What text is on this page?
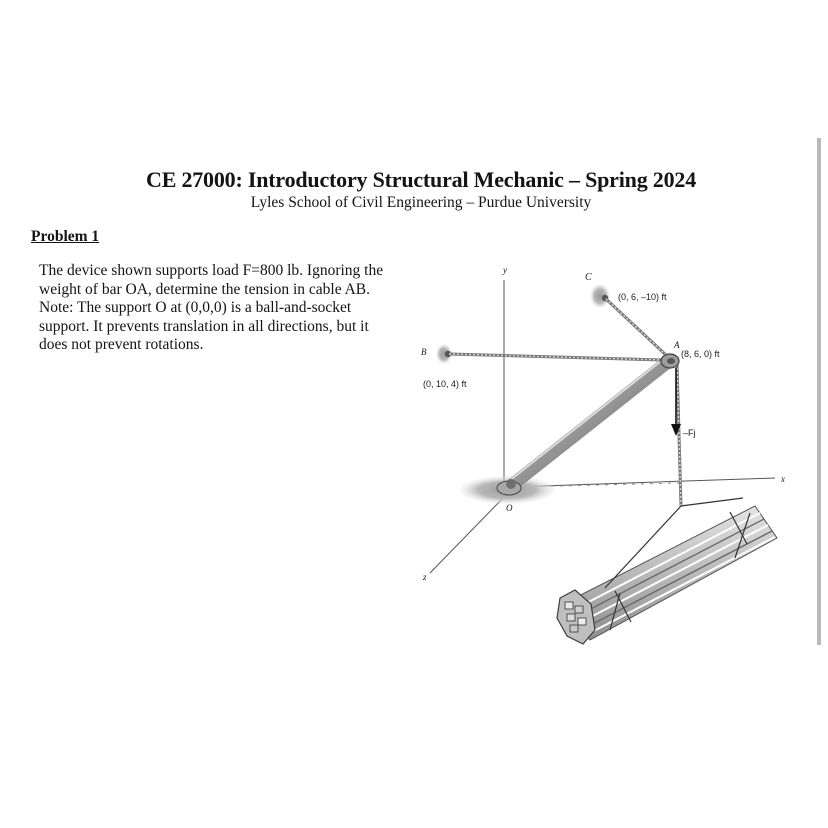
CE 27000: Introductory Structural Mechanic – Spring 2024
Lyles School of Civil Engineering – Purdue University
Problem 1

The device shown supports load F=800 lb. Ignoring the weight of bar OA, determine the tension in cable AB.

Note: The support O at (0,0,0) is a ball-and-socket support. It prevents translation in all directions, but it does not prevent rotations.

y
x
z
O
C
(0, 6, –10) ft
B
(0, 10, 4) ft
A
(8, 6, 0) ft
–Fj
